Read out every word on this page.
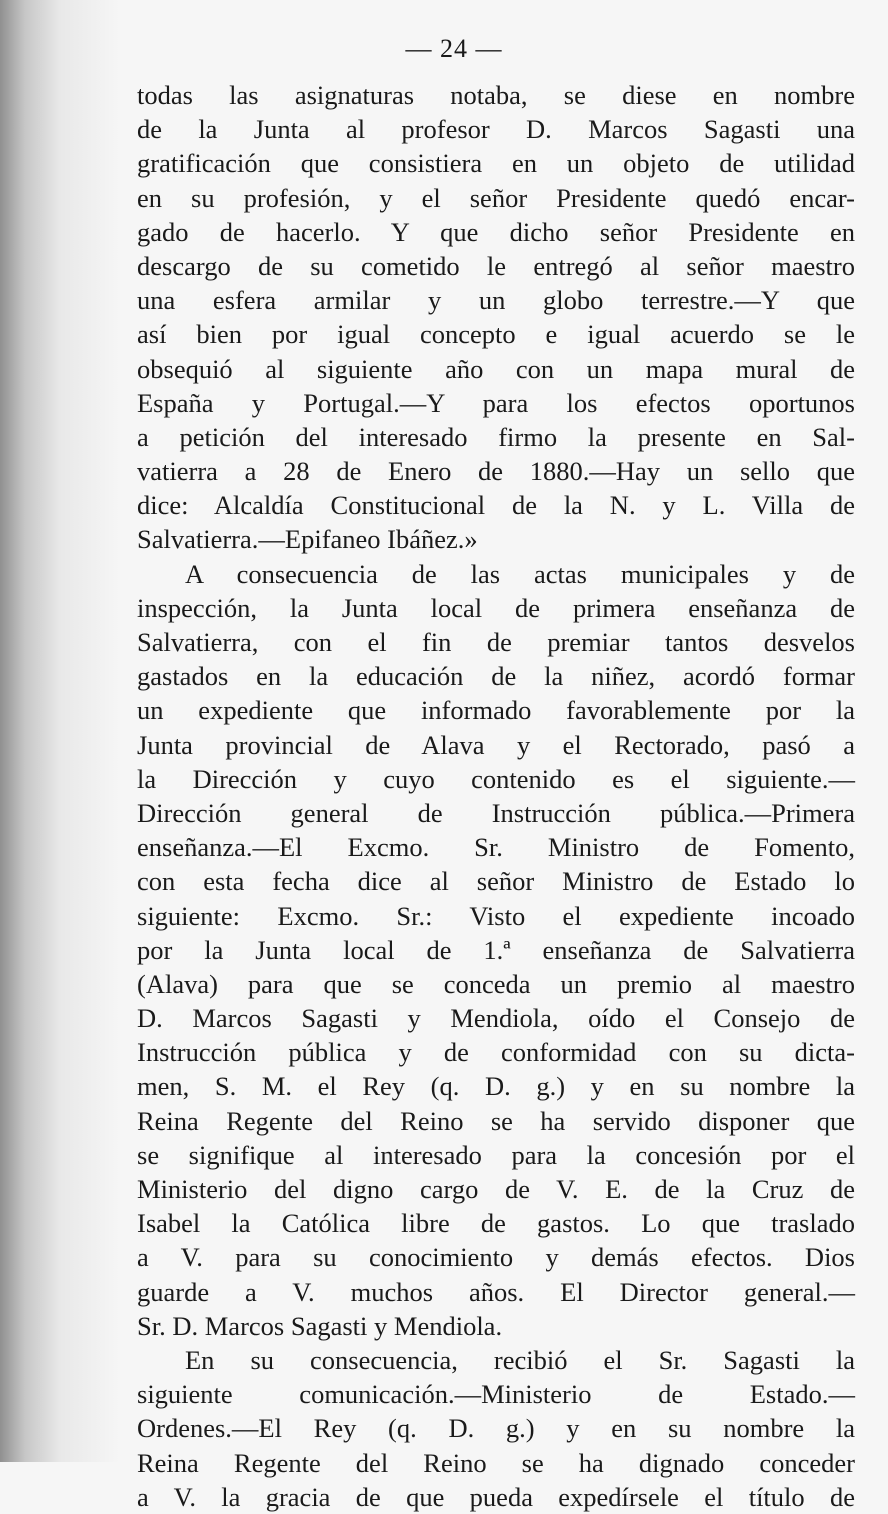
— 24 —
todas las asignaturas notaba, se diese en nombre
de la Junta al profesor D. Marcos Sagasti una
gratificación que consistiera en un objeto de utilidad
en su profesión, y el señor Presidente quedó encar-
gado de hacerlo. Y que dicho señor Presidente en
descargo de su cometido le entregó al señor maestro
una esfera armilar y un globo terrestre.—Y que
así bien por igual concepto e igual acuerdo se le
obsequió al siguiente año con un mapa mural de
España y Portugal.—Y para los efectos oportunos
a petición del interesado firmo la presente en Sal-
vatierra a 28 de Enero de 1880.—Hay un sello que
dice: Alcaldía Constitucional de la N. y L. Villa de
Salvatierra.—Epifaneo Ibáñez.»
A consecuencia de las actas municipales y de
inspección, la Junta local de primera enseñanza de
Salvatierra, con el fin de premiar tantos desvelos
gastados en la educación de la niñez, acordó formar
un expediente que informado favorablemente por la
Junta provincial de Alava y el Rectorado, pasó a
la Dirección y cuyo contenido es el siguiente.—
Dirección general de Instrucción pública.—Primera
enseñanza.—El Excmo. Sr. Ministro de Fomento,
con esta fecha dice al señor Ministro de Estado lo
siguiente: Excmo. Sr.: Visto el expediente incoado
por la Junta local de 1.ª enseñanza de Salvatierra
(Alava) para que se conceda un premio al maestro
D. Marcos Sagasti y Mendiola, oído el Consejo de
Instrucción pública y de conformidad con su dicta-
men, S. M. el Rey (q. D. g.) y en su nombre la
Reina Regente del Reino se ha servido disponer que
se signifique al interesado para la concesión por el
Ministerio del digno cargo de V. E. de la Cruz de
Isabel la Católica libre de gastos. Lo que traslado
a V. para su conocimiento y demás efectos. Dios
guarde a V. muchos años. El Director general.—
Sr. D. Marcos Sagasti y Mendiola.
En su consecuencia, recibió el Sr. Sagasti la
siguiente comunicación.—Ministerio de Estado.—
Ordenes.—El Rey (q. D. g.) y en su nombre la
Reina Regente del Reino se ha dignado conceder
a V. la gracia de que pueda expedírsele el título de
